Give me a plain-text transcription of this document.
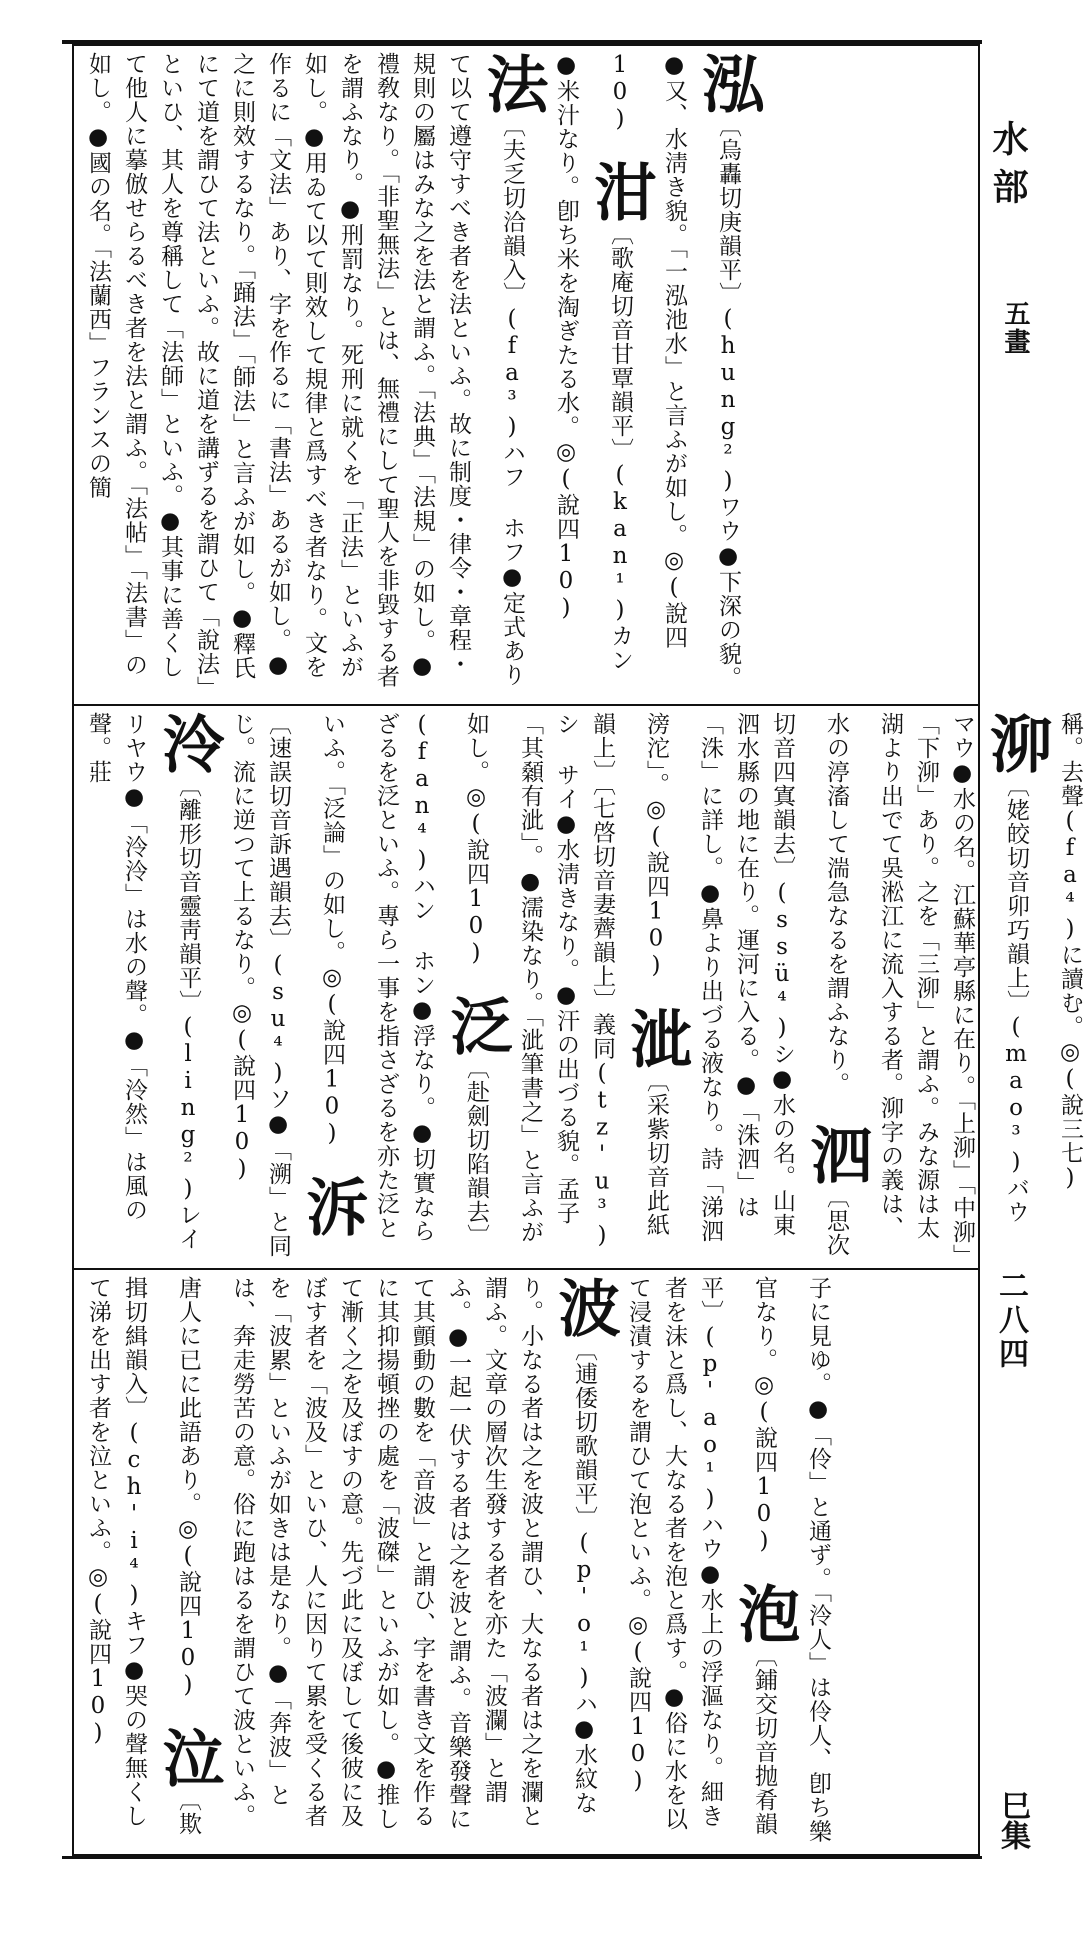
水部
五畫
二八四
巳集
泓〔烏轟切庚韻平〕(hung²)ワウ●下深の貌。●又、水淸き貌。「一泓池水」と言ふが如し。◎(說四10) 泔〔歌庵切音甘覃韻平〕(kan¹)カン●米汁なり。卽ち米を淘ぎたる水。◎(說四10) 法〔夫乏切洽韻入〕(fa³)ハフ ホフ●定式ありて以て遵守すべき者を法といふ。故に制度・律令・章程・規則の屬はみな之を法と謂ふ。「法典」「法規」の如し。●禮敎なり。「非聖無法」とは、無禮にして聖人を非毀する者を謂ふなり。●刑罰なり。死刑に就くを「正法」といふが如し。●用ゐて以て則效して規律と爲すべき者なり。文を作るに「文法」あり、字を作るに「書法」あるが如し。●之に則效するなり。「踊法」「師法」と言ふが如し。●釋氏にて道を謂ひて法といふ。故に道を講ずるを謂ひて「說法」といひ、其人を尊稱して「法師」といふ。●其事に善くして他人に摹倣せらるべき者を法と謂ふ。「法帖」「法書」の如し。●國の名。「法蘭西」フランスの簡
稱。去聲(fa⁴)に讀む。◎(說三七) 泖〔姥皎切音卯巧韻上〕(mao³)バウ マウ●水の名。江蘇華亭縣に在り。「上泖」「中泖」「下泖」あり。之を「三泖」と謂ふ。みな源は太湖より出でて吳淞江に流入する者。泖字の義は、水の渟滀して湍急なるを謂ふなり。 泗〔思次切音四寘韻去〕(ssü⁴)シ●水の名。山東泗水縣の地に在り。運河に入る。●「洙泗」は「洙」に詳し。●鼻より出づる液なり。詩「涕泗滂沱」。◎(說四10) 泚〔采紫切音此紙韻上〕〔七啓切音妻薺韻上〕義同(tz'u³)シ サイ●水淸きなり。●汗の出づる貌。孟子「其顙有泚」。●濡染なり。「泚筆書之」と言ふが如し。◎(說四10) 泛〔赴劍切陷韻去〕(fan⁴)ハン ホン●浮なり。●切實ならざるを泛といふ。專ら一事を指さざるを亦た泛といふ。「泛論」の如し。◎(說四10) 泝〔速誤切音訴遇韻去〕(su⁴)ソ●「溯」と同じ。流に逆つて上るなり。◎(說四10) 泠〔離形切音靈靑韻平〕(ling²)レイ リヤウ●「泠泠」は水の聲。●「泠然」は風の聲。莊
子に見ゆ。●「伶」と通ず。「泠人」は伶人、卽ち樂官なり。◎(說四10) 泡〔鋪交切音抛肴韻平〕(p'ao¹)ハウ●水上の浮漚なり。細き者を沫と爲し、大なる者を泡と爲す。●俗に水を以て浸漬するを謂ひて泡といふ。◎(說四10) 波〔逋倭切歌韻平〕(p'o¹)ハ●水紋なり。小なる者は之を波と謂ひ、大なる者は之を瀾と謂ふ。文章の層次生發する者を亦た「波瀾」と謂ふ。●一起一伏する者は之を波と謂ふ。音樂發聲にて其顫動の數を「音波」と謂ひ、字を書き文を作るに其抑揚頓挫の處を「波磔」といふが如し。●推して漸く之を及ぼすの意。先づ此に及ぼして後彼に及ぼす者を「波及」といひ、人に因りて累を受くる者を「波累」といふが如きは是なり。●「奔波」とは、奔走勞苦の意。俗に跑はるを謂ひて波といふ。唐人に已に此語あり。◎(說四10) 泣〔欺揖切緝韻入〕(ch'i⁴)キフ●哭の聲無くして涕を出す者を泣といふ。◎(說四10)
